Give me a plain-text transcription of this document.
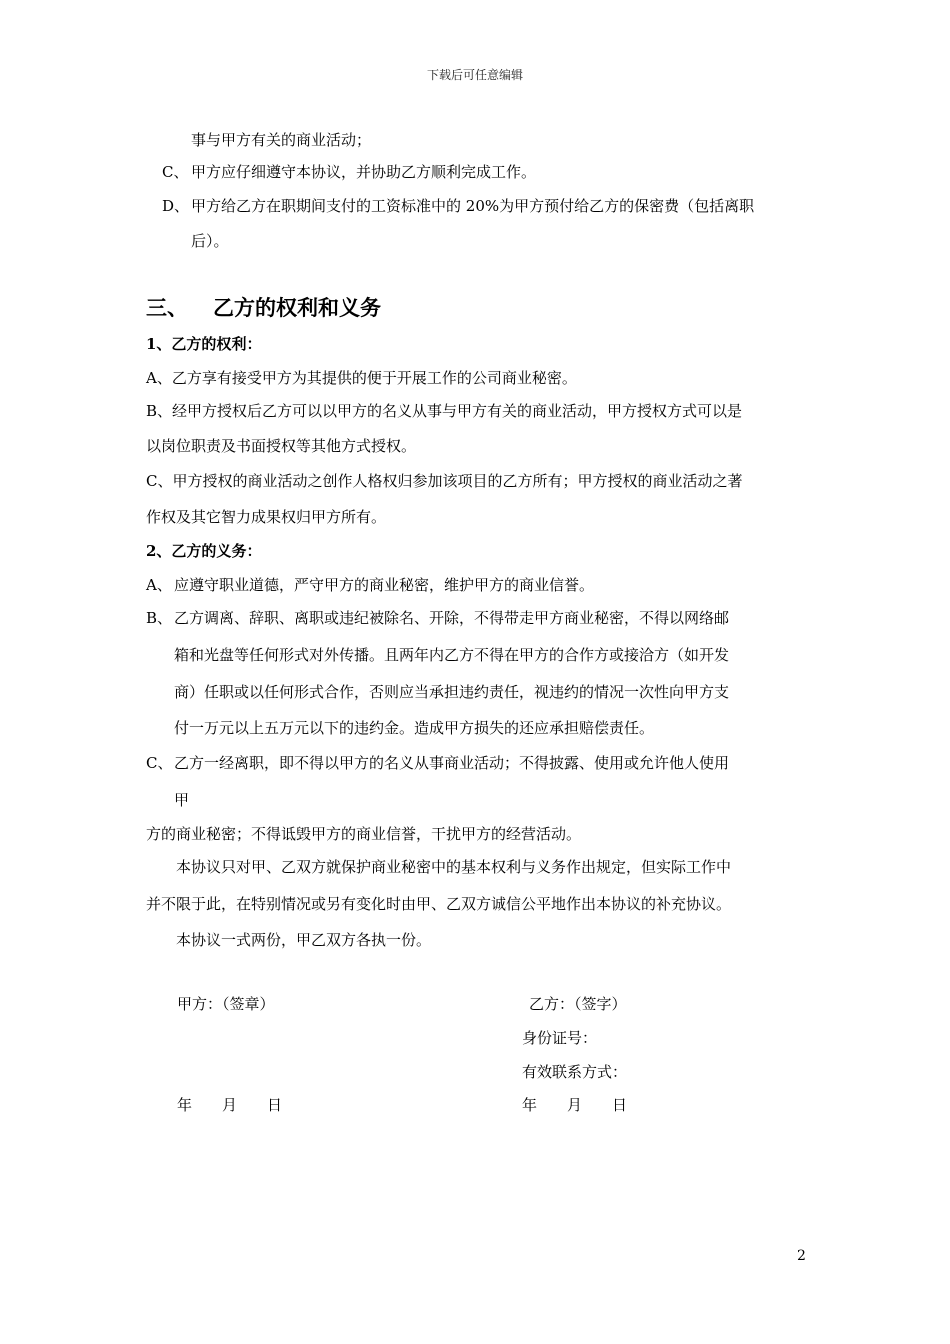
下载后可任意编辑
事与甲方有关的商业活动；
C、 甲方应仔细遵守本协议，并协助乙方顺利完成工作。
D、 甲方给乙方在职期间支付的工资标准中的 20%为甲方预付给乙方的保密费（包括离职
后）。
三、 乙方的权利和义务
1、乙方的权利：
A、乙方享有接受甲方为其提供的便于开展工作的公司商业秘密。
B、经甲方授权后乙方可以以甲方的名义从事与甲方有关的商业活动，甲方授权方式可以是
以岗位职责及书面授权等其他方式授权。
C、甲方授权的商业活动之创作人格权归参加该项目的乙方所有；甲方授权的商业活动之著
作权及其它智力成果权归甲方所有。
2、乙方的义务：
A、 应遵守职业道德，严守甲方的商业秘密，维护甲方的商业信誉。
B、 乙方调离、辞职、离职或违纪被除名、开除，不得带走甲方商业秘密，不得以网络邮
箱和光盘等任何形式对外传播。且两年内乙方不得在甲方的合作方或接洽方（如开发
商）任职或以任何形式合作，否则应当承担违约责任，视违约的情况一次性向甲方支
付一万元以上五万元以下的违约金。造成甲方损失的还应承担赔偿责任。
C、 乙方一经离职，即不得以甲方的名义从事商业活动；不得披露、使用或允许他人使用
甲
方的商业秘密；不得诋毁甲方的商业信誉，干扰甲方的经营活动。
本协议只对甲、乙双方就保护商业秘密中的基本权利与义务作出规定，但实际工作中
并不限于此，在特别情况或另有变化时由甲、乙双方诚信公平地作出本协议的补充协议。
本协议一式两份，甲乙双方各执一份。
甲方：（签章）	乙方：（签字）
身份证号：
有效联系方式：
年　　月　　日	年　　月　　日
2
